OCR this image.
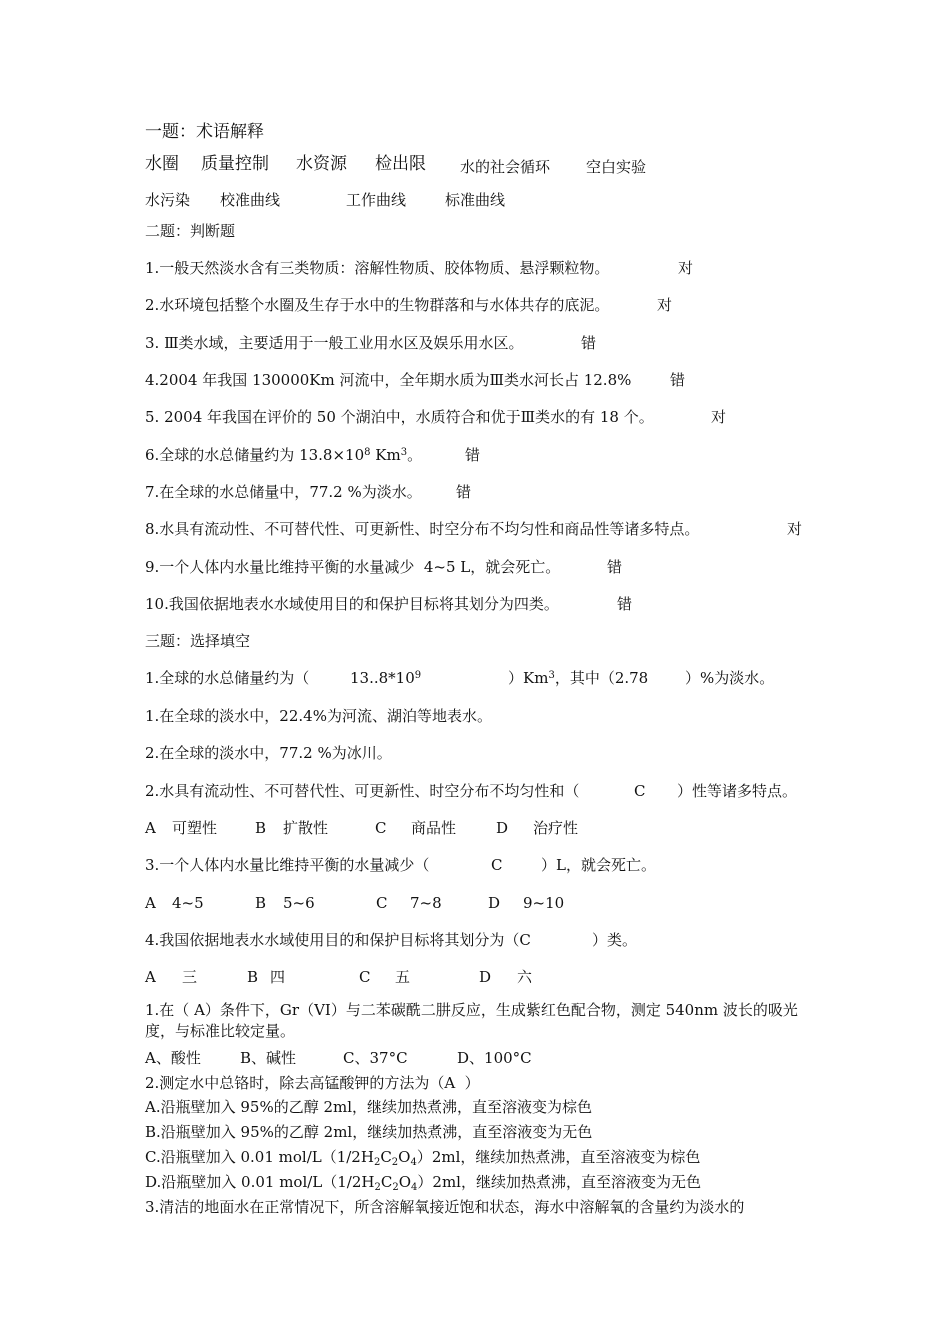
一题：术语解释
水圈 质量控制 水资源 检出限 水的社会循环 空白实验
水污染 校准曲线	工作曲线	标准曲线
二题：判断题
1.一般天然淡水含有三类物质：溶解性物质、胶体物质、悬浮颗粒物。	对
2.水环境包括整个水圈及生存于水中的生物群落和与水体共存的底泥。	对
3. Ⅲ类水域，主要适用于一般工业用水区及娱乐用水区。	错
4.2004 年我国 130000Km 河流中，全年期水质为Ⅲ类水河长占 12.8%	错
5. 2004 年我国在评价的 50 个湖泊中，水质符合和优于Ⅲ类水的有 18 个。	对
6.全球的水总储量约为 $13.8\times 10^8$ Km$^3$。	错
7.在全球的水总储量中，77.2 %为淡水。 错
8.水具有流动性、不可替代性、可更新性、时空分布不均匀性和商品性等诸多特点。	对
9.一个人体内水量比维持平衡的水量减少  4~5 L，就会死亡。	错
10.我国依据地表水水域使用目的和保护目标将其划分为四类。	错
三题：选择填空
1.全球的水总储量约为（	$13..8*10^9$	）Km$^3$，其中（2.78 ）%为淡水。
1.在全球的淡水中，22.4%为河流、湖泊等地表水。
2.在全球的淡水中，77.2 %为冰川。
2.水具有流动性、不可替代性、可更新性、时空分布不均匀性和（	C ）性等诸多特点。
A 可塑性	B 扩散性	C 商品性	D 治疗性
3.一个人体内水量比维持平衡的水量减少（	C	）L，就会死亡。
A 4~5	B 5~6	C 7~8	D 9~10
4.我国依据地表水水域使用目的和保护目标将其划分为（C	）类。
A 三	B 四	C 五	D 六
1.在（ A）条件下，Gr（VI）与二苯碳酰二肼反应，生成紫红色配合物，测定 540nm 波长的吸光度，与标准比较定量。
A、酸性	B、碱性	C、37°C	D、100°C
2.测定水中总铬时，除去高锰酸钾的方法为（A  ）
A.沿瓶壁加入 95%的乙醇 2ml，继续加热煮沸，直至溶液变为棕色
B.沿瓶壁加入 95%的乙醇 2ml，继续加热煮沸，直至溶液变为无色
C.沿瓶壁加入 0.01 mol/$L(1/2H_2C_2O_4)2ml$，继续加热煮沸，直至溶液变为棕色
D.沿瓶壁加入 0.01 mol/$L(1/2H_2C_2O_4)2ml$，继续加热煮沸，直至溶液变为无色
3.清洁的地面水在正常情况下，所含溶解氧接近饱和状态，海水中溶解氧的含量约为淡水的
